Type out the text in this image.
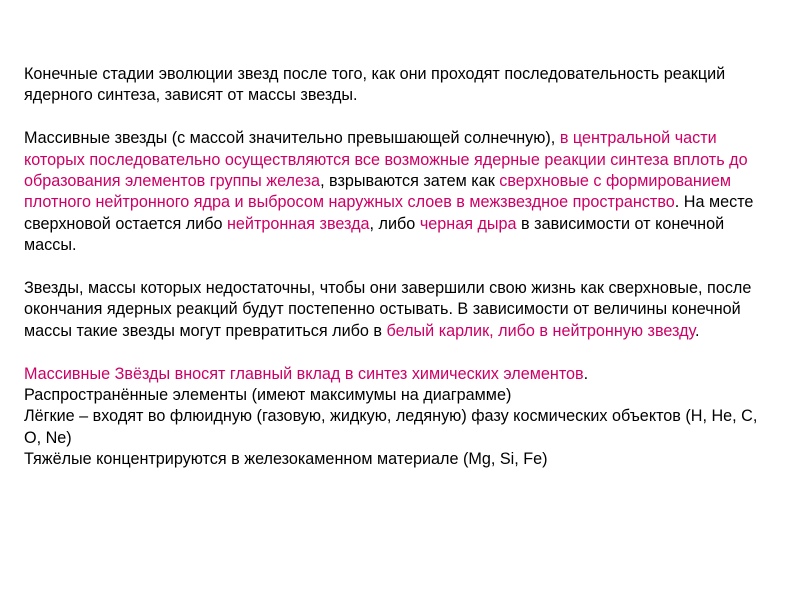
Конечные стадии эволюции звезд после того, как они проходят последовательность реакций ядерного синтеза, зависят от массы звезды.

Массивные звезды (с массой значительно превышающей солнечную), в центральной части которых последовательно осуществляются все возможные ядерные реакции синтеза вплоть до образования элементов группы железа, взрываются затем как сверхновые с формированием плотного нейтронного ядра и выбросом наружных слоев в межзвездное пространство. На месте сверхновой остается либо нейтронная звезда, либо черная дыра в зависимости от конечной массы.

Звезды, массы которых недостаточны, чтобы они завершили свою жизнь как сверхновые, после окончания ядерных реакций будут постепенно остывать. В зависимости от величины конечной массы такие звезды могут превратиться либо в белый карлик, либо в нейтронную звезду.

Массивные Звёзды вносят главный вклад в синтез химических элементов.

Распространённые элементы (имеют максимумы на диаграмме)

Лёгкие – входят во флюидную (газовую, жидкую, ледяную) фазу космических объектов (H, He, C, O, Ne)

Тяжёлые концентрируются в железокаменном материале (Mg, Si, Fe)
